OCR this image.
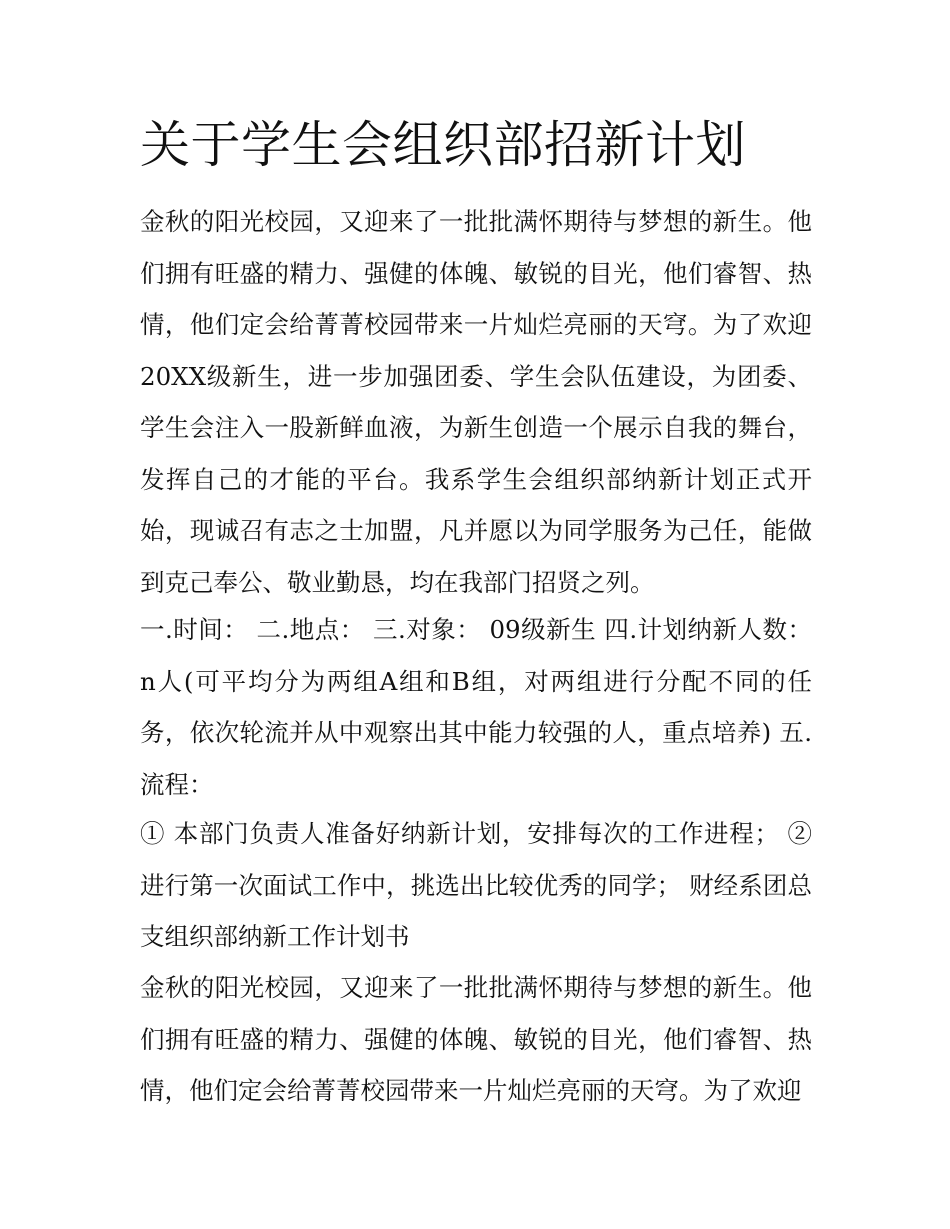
关于学生会组织部招新计划

金秋的阳光校园，又迎来了一批批满怀期待与梦想的新生。他们拥有旺盛的精力、强健的体魄、敏锐的目光，他们睿智、热情，他们定会给菁菁校园带来一片灿烂亮丽的天穹。为了欢迎20XX级新生，进一步加强团委、学生会队伍建设，为团委、学生会注入一股新鲜血液，为新生创造一个展示自我的舞台，发挥自己的才能的平台。我系学生会组织部纳新计划正式开始，现诚召有志之士加盟，凡并愿以为同学服务为己任，能做到克己奉公、敬业勤恳，均在我部门招贤之列。

一.时间： 二.地点： 三.对象： 09级新生 四.计划纳新人数：n人(可平均分为两组A组和B组，对两组进行分配不同的任务，依次轮流并从中观察出其中能力较强的人，重点培养) 五.流程：

① 本部门负责人准备好纳新计划，安排每次的工作进程； ② 进行第一次面试工作中，挑选出比较优秀的同学； 财经系团总支组织部纳新工作计划书

金秋的阳光校园，又迎来了一批批满怀期待与梦想的新生。他们拥有旺盛的精力、强健的体魄、敏锐的目光，他们睿智、热情，他们定会给菁菁校园带来一片灿烂亮丽的天穹。为了欢迎
